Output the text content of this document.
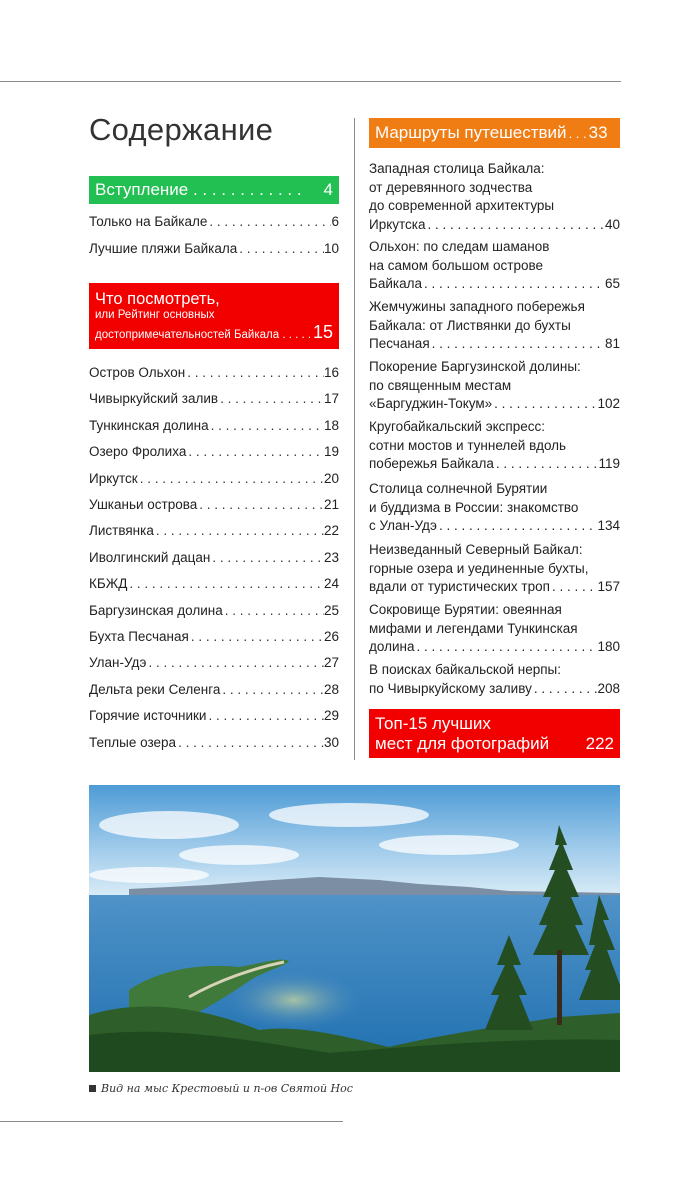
Содержание
Вступление . . . . . . . . . . . . 4
Что посмотреть,
или Рейтинг основных
достопримечательностей Байкала . . . . . 15
Маршруты путешествий . . . 33
Топ-15 лучших
мест для фотографий 222
Вид на мыс Крестовый и п-ов Святой Нос
Только на Байкале . . .	6
Лучшие пляжи Байкала . . .	10
Остров Ольхон . . .	16
Чивыркуйский залив . . .	17
Тункинская долина . . .	18
Озеро Фролиха . . .	19
Иркутск . . .	20
Ушканьи острова . . .	21
Листвянка . . .	22
Иволгинский дацан . . .	23
КБЖД . . .	24
Баргузинская долина . . .	25
Бухта Песчаная . . .	26
Улан-Удэ . . .	27
Дельта реки Селенга . . .	28
Горячие источники . . .	29
Теплые озера . . .	30
Западная столица Байкала:
от деревянного зодчества
до современной архитектуры
Иркутска . . .	40
Ольхон: по следам шаманов
на самом большом острове
Байкала . . .	65
Жемчужины западного побережья
Байкала: от Листвянки до бухты
Песчаная . . .	81
Покорение Баргузинской долины:
по священным местам
«Баргуджин-Токум» . . .	102
Кругобайкальский экспресс:
сотни мостов и туннелей вдоль
побережья Байкала . . .	119
Столица солнечной Бурятии
и буддизма в России: знакомство
с Улан-Удэ . . .	134
Неизведанный Северный Байкал:
горные озера и уединенные бухты,
вдали от туристических троп . . .	157
Сокровище Бурятии: овеянная
мифами и легендами Тункинская
долина . . .	180
В поисках байкальской нерпы:
по Чивыркуйскому заливу . . .	208
